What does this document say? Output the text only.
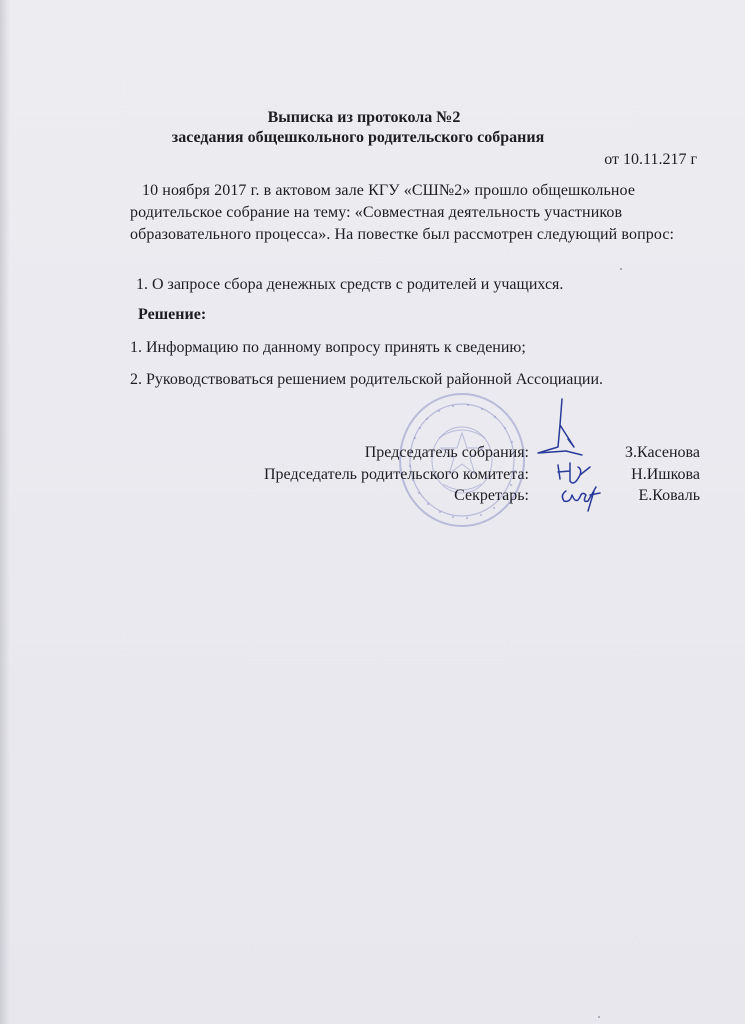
Выписка из протокола №2
заседания общешкольного родительского собрания
от 10.11.217 г
10 ноября 2017 г. в актовом зале КГУ «СШ№2» прошло общешкольное родительское собрание на тему: «Совместная деятельность участников образовательного процесса». На повестке был рассмотрен следующий вопрос:
1. О запросе сбора денежных средств с родителей и учащихся.
Решение:
1. Информацию по данному вопросу принять к сведению;
2. Руководствоваться решением родительской районной Ассоциации.
Председатель собрания:
Председатель родительского комитета:
Секретарь:
З.Касенова
Н.Ишкова
Е.Коваль
